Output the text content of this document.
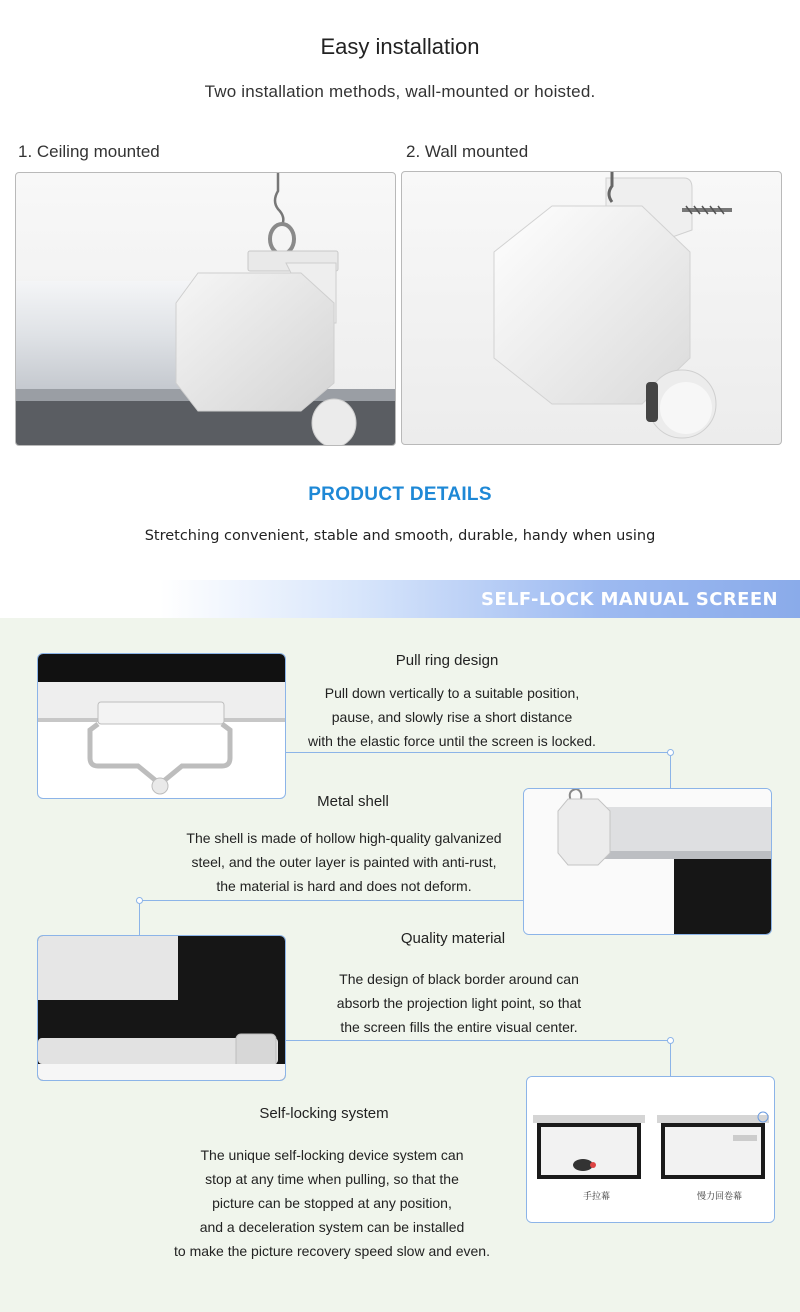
Easy installation
Two installation methods, wall-mounted or hoisted.
1. Ceiling mounted	2. Wall mounted
PRODUCT DETAILS
Stretching convenient, stable and smooth, durable, handy when using
SELF-LOCK MANUAL SCREEN
Pull ring design
Pull down vertically to a suitable position,
pause, and slowly rise a short distance
with the elastic force until the screen is locked.
Metal shell
The shell is made of hollow high-quality galvanized
steel, and the outer layer is painted with anti-rust,
the material is hard and does not deform.
Quality material
The design of black border around can
absorb the projection light point, so that
the screen fills the entire visual center.
手拉幕	慢力回卷幕
Self-locking system
The unique self-locking device system can
stop at any time when pulling, so that the
picture can be stopped at any position,
and a deceleration system can be installed
to make the picture recovery speed slow and even.
